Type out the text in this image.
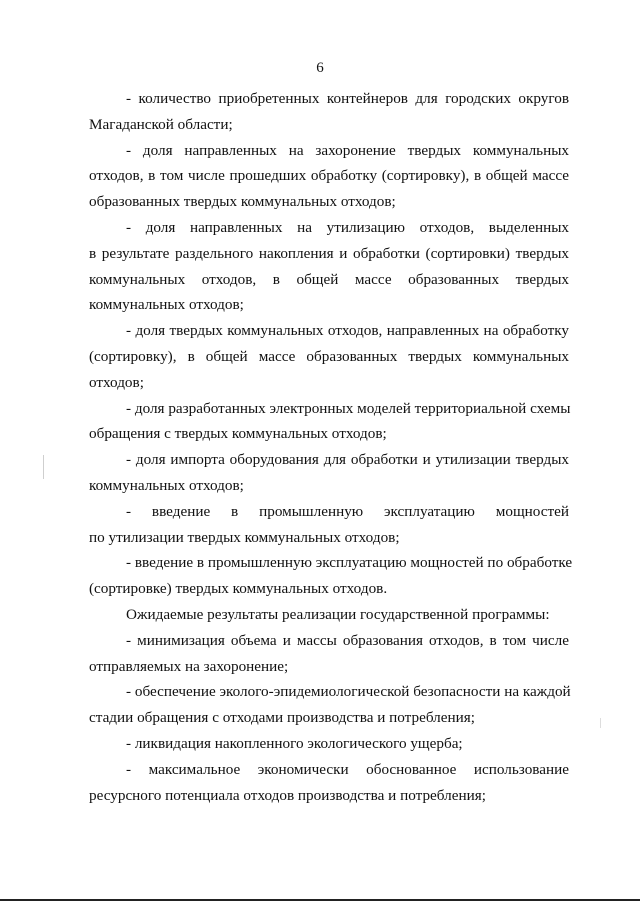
6
- количество приобретенных контейнеров для городских округов
Магаданской области;
- доля направленных на захоронение твердых коммунальных
отходов, в том числе прошедших обработку (сортировку), в общей массе
образованных твердых коммунальных отходов;
- доля направленных на утилизацию отходов, выделенных
в результате раздельного накопления и обработки (сортировки) твердых
коммунальных отходов, в общей массе образованных твердых
коммунальных отходов;
- доля твердых коммунальных отходов, направленных на обработку
(сортировку), в общей массе образованных твердых коммунальных
отходов;
- доля разработанных электронных моделей территориальной схемы
обращения с твердых коммунальных отходов;
- доля импорта оборудования для обработки и утилизации твердых
коммунальных отходов;
- введение в промышленную эксплуатацию мощностей
по утилизации твердых коммунальных отходов;
- введение в промышленную эксплуатацию мощностей по обработке
(сортировке) твердых коммунальных отходов.
Ожидаемые результаты реализации государственной программы:
- минимизация объема и массы образования отходов, в том числе
отправляемых на захоронение;
- обеспечение эколого-эпидемиологической безопасности на каждой
стадии обращения с отходами производства и потребления;
- ликвидация накопленного экологического ущерба;
- максимальное экономически обоснованное использование
ресурсного потенциала отходов производства и потребления;
